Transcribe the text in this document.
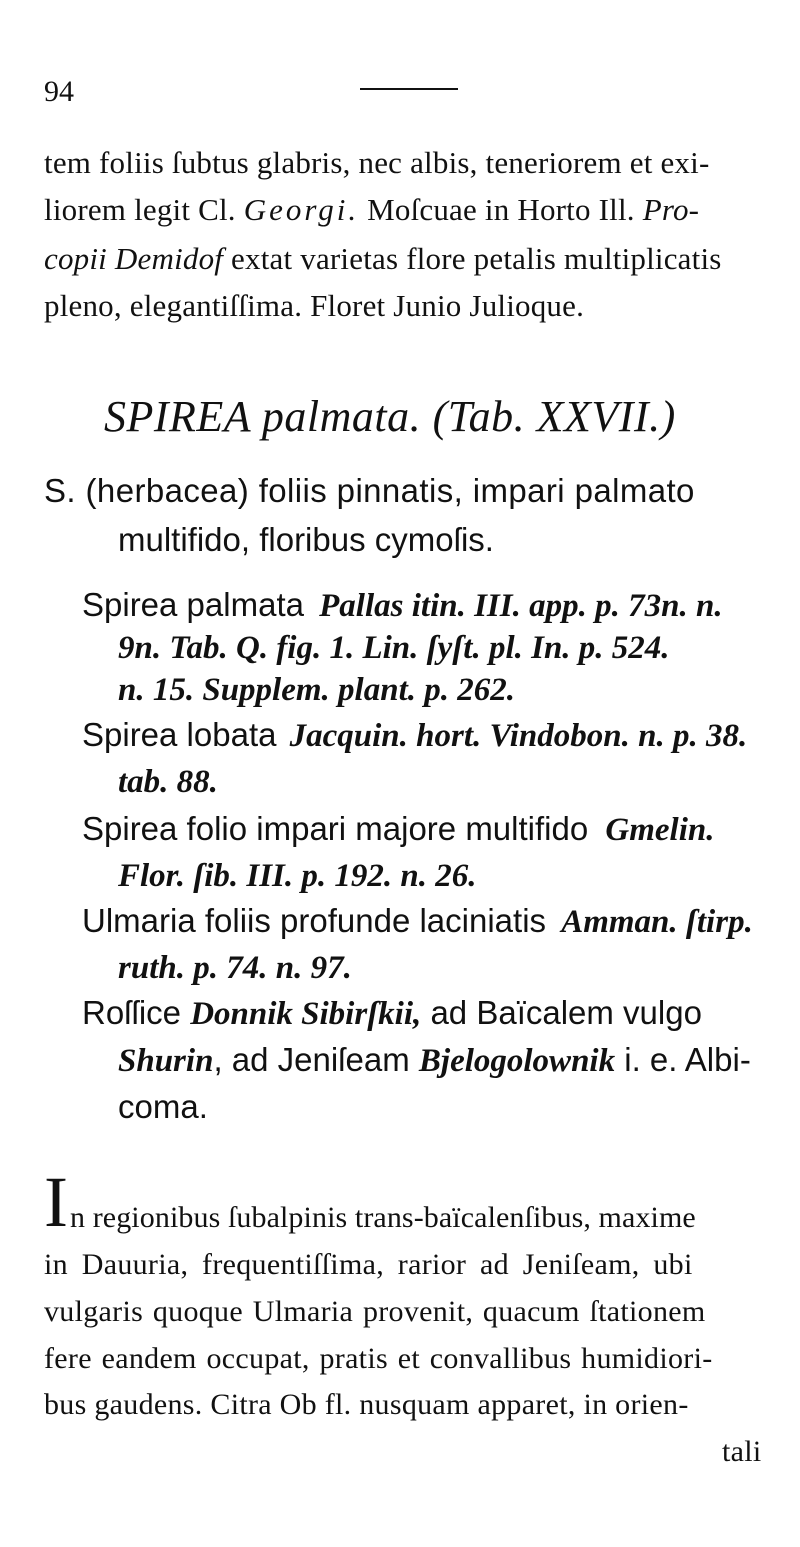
94
tem foliis ſubtus glabris, nec albis, teneriorem et exi-
liorem legit Cl. Georgi. Moſcuae in Horto Ill. Pro-
copii Demidof extat varietas flore petalis multiplicatis
pleno, elegantiſſima. Floret Junio Julioque.
SPIREA palmata. (Tab. XXVII.)
S. (herbacea) foliis pinnatis, impari palmato
multifido, floribus cymoſis.
Spirea palmata Pallas itin. III. app. p. 73n. n.
9n. Tab. Q. fig. 1. Lin. ſyſt. pl. In. p. 524.
n. 15. Supplem. plant. p. 262.
Spirea lobata Jacquin. hort. Vindobon. n. p. 38.
tab. 88.
Spirea folio impari majore multifido Gmelin.
Flor. ſib. III. p. 192. n. 26.
Ulmaria foliis profunde laciniatis Amman. ſtirp.
ruth. p. 74. n. 97.
Roſſice Donnik Sibirſkii, ad Baïcalem vulgo
Shurin, ad Jeniſeam Bjelogolownik i. e. Albi-
coma.
I n regionibus ſubalpinis trans-baïcalenſibus, maxime
in Dauuria, frequentiſſima, rarior ad Jeniſeam, ubi
vulgaris quoque Ulmaria provenit, quacum ſtationem
fere eandem occupat, pratis et convallibus humidiori-
bus gaudens. Citra Ob fl. nusquam apparet, in orien-
tali
